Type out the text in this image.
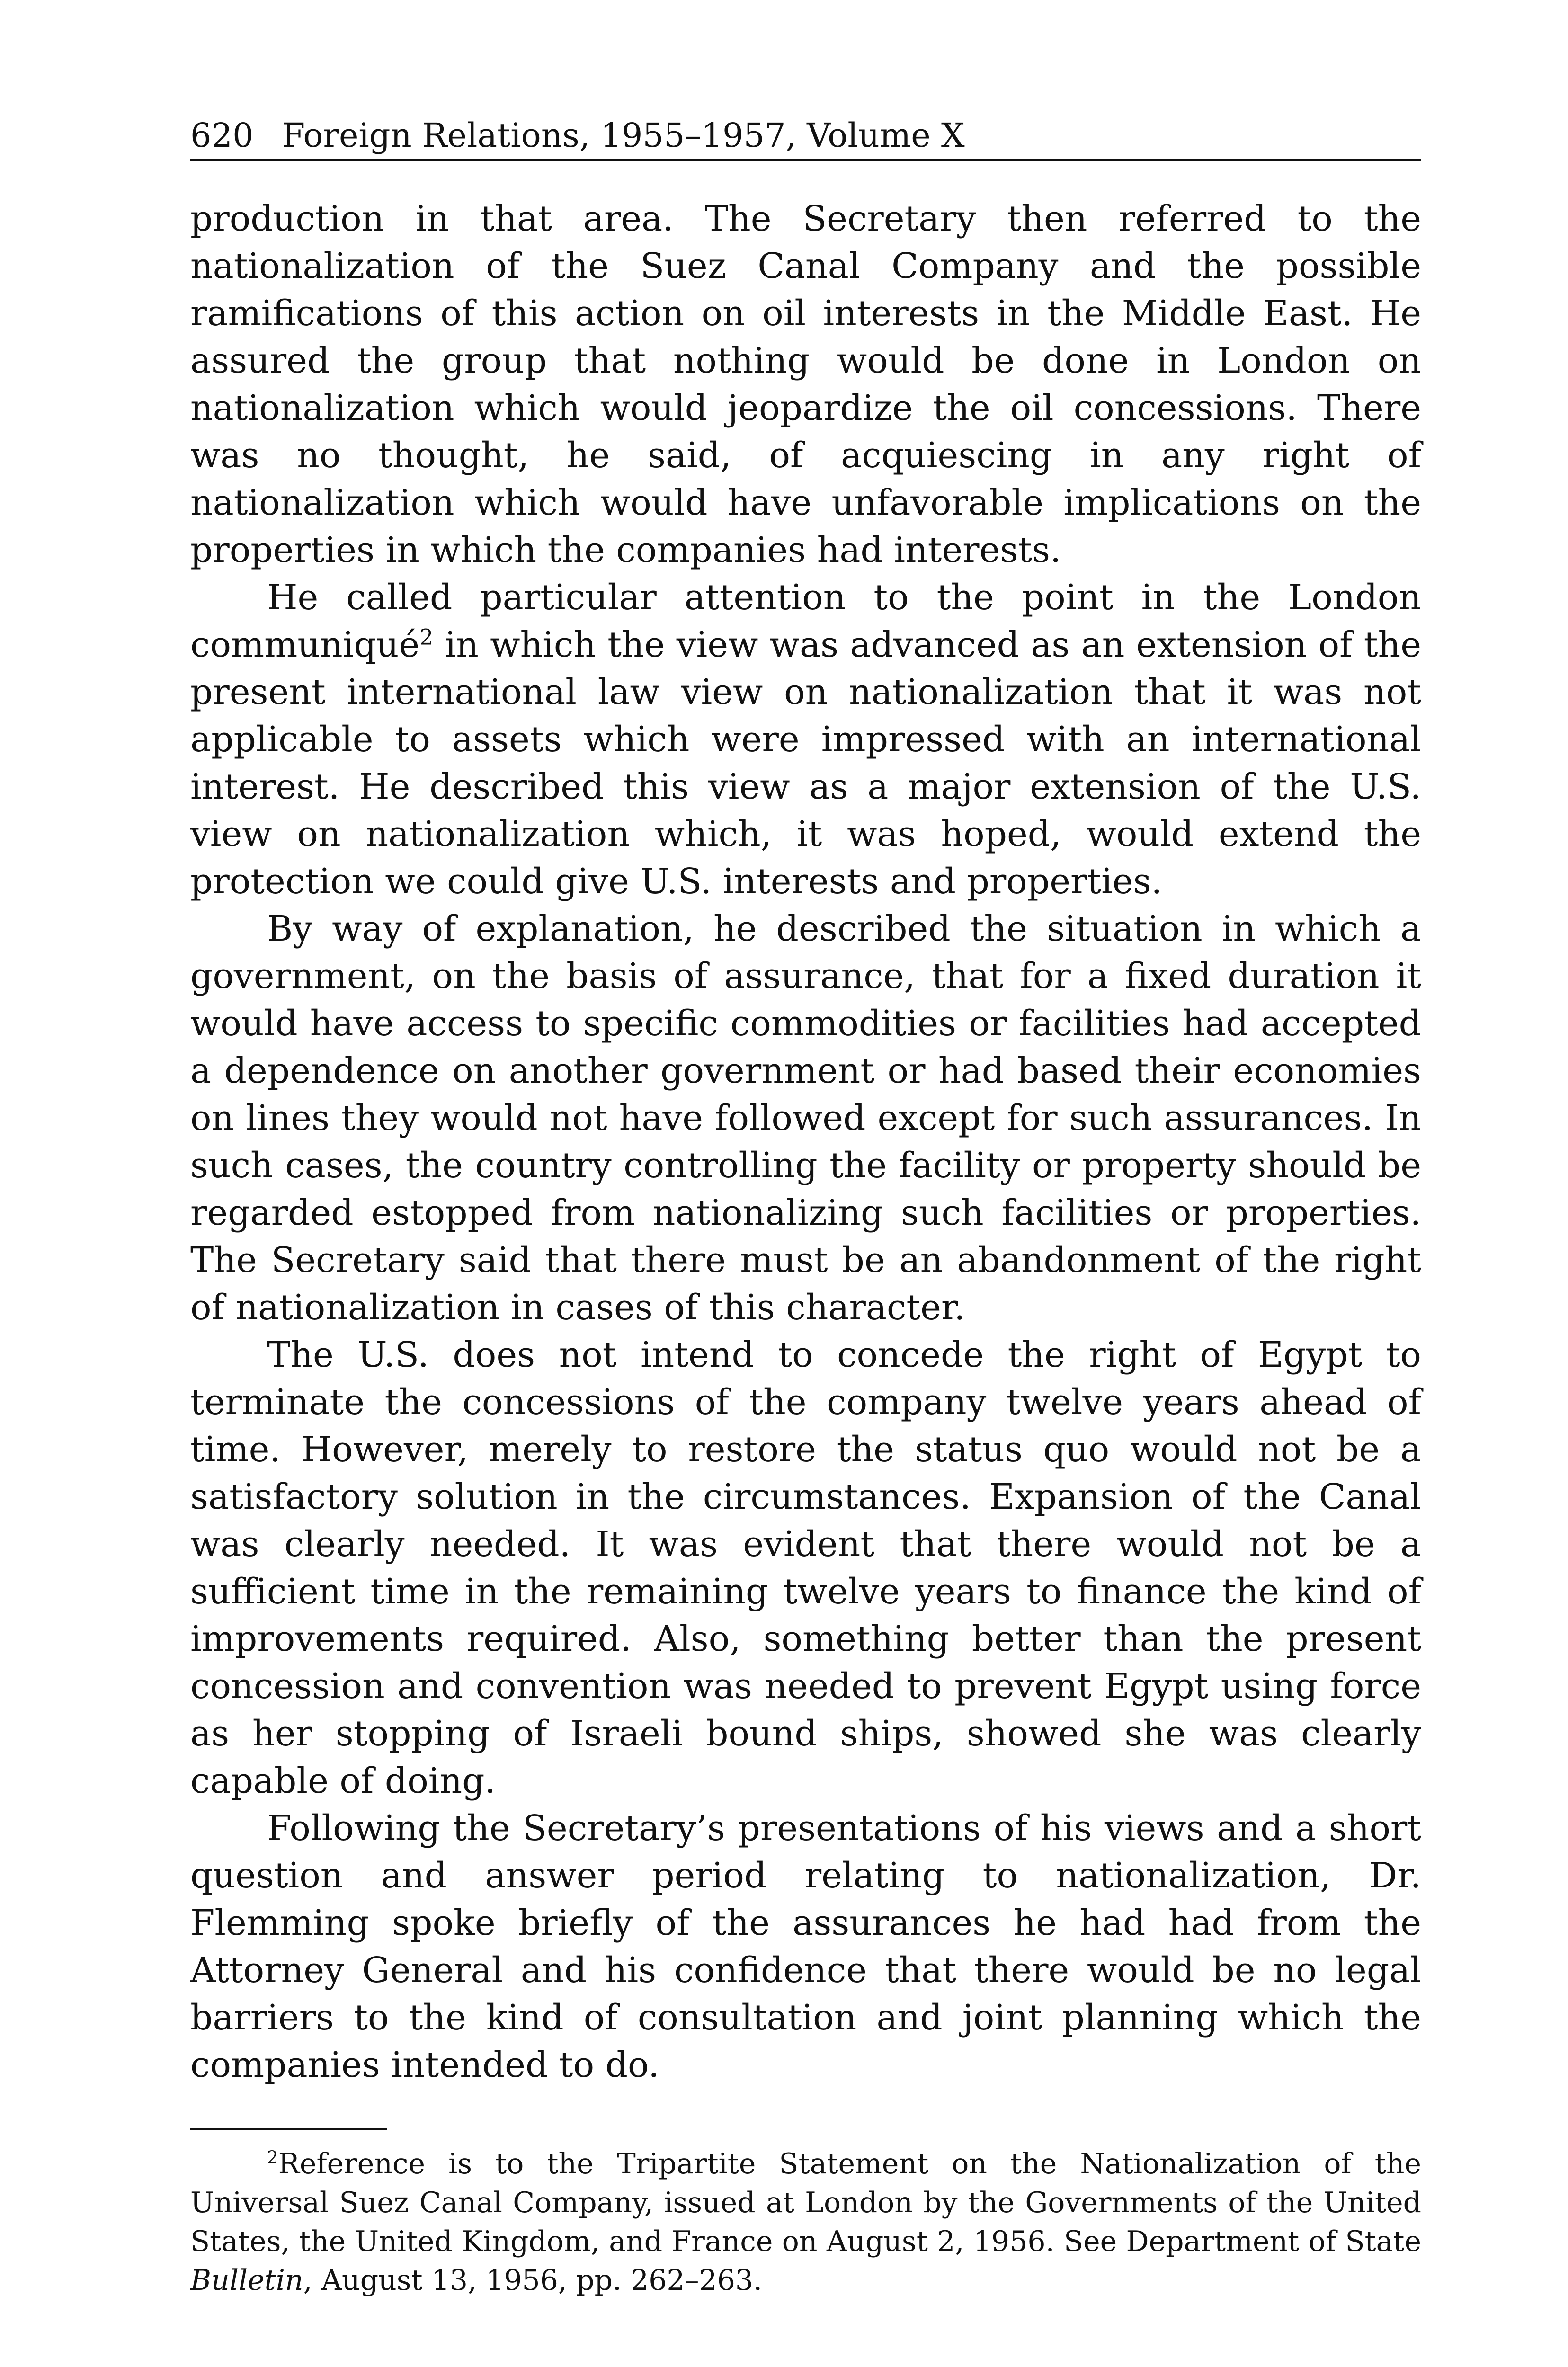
620 Foreign Relations, 1955–1957, Volume X

production in that area. The Secretary then referred to the nationalization of the Suez Canal Company and the possible ramifications of this action on oil interests in the Middle East. He assured the group that nothing would be done in London on nationalization which would jeopardize the oil concessions. There was no thought, he said, of acquiescing in any right of nationalization which would have unfavorable implications on the properties in which the companies had interests.

He called particular attention to the point in the London communiqué$^2$ in which the view was advanced as an extension of the present international law view on nationalization that it was not applicable to assets which were impressed with an international interest. He described this view as a major extension of the U.S. view on nationalization which, it was hoped, would extend the protection we could give U.S. interests and properties.

By way of explanation, he described the situation in which a government, on the basis of assurance, that for a fixed duration it would have access to specific commodities or facilities had accepted a dependence on another government or had based their economies on lines they would not have followed except for such assurances. In such cases, the country controlling the facility or property should be regarded estopped from nationalizing such facilities or properties. The Secretary said that there must be an abandonment of the right of nationalization in cases of this character.

The U.S. does not intend to concede the right of Egypt to terminate the concessions of the company twelve years ahead of time. However, merely to restore the status quo would not be a satisfactory solution in the circumstances. Expansion of the Canal was clearly needed. It was evident that there would not be a sufficient time in the remaining twelve years to finance the kind of improvements required. Also, something better than the present concession and convention was needed to prevent Egypt using force as her stopping of Israeli bound ships, showed she was clearly capable of doing.

Following the Secretary’s presentations of his views and a short question and answer period relating to nationalization, Dr. Flemming spoke briefly of the assurances he had had from the Attorney General and his confidence that there would be no legal barriers to the kind of consultation and joint planning which the companies intended to do.

$^2$Reference is to the Tripartite Statement on the Nationalization of the Universal Suez Canal Company, issued at London by the Governments of the United States, the United Kingdom, and France on August 2, 1956. See Department of State Bulletin, August 13, 1956, pp. 262–263.
